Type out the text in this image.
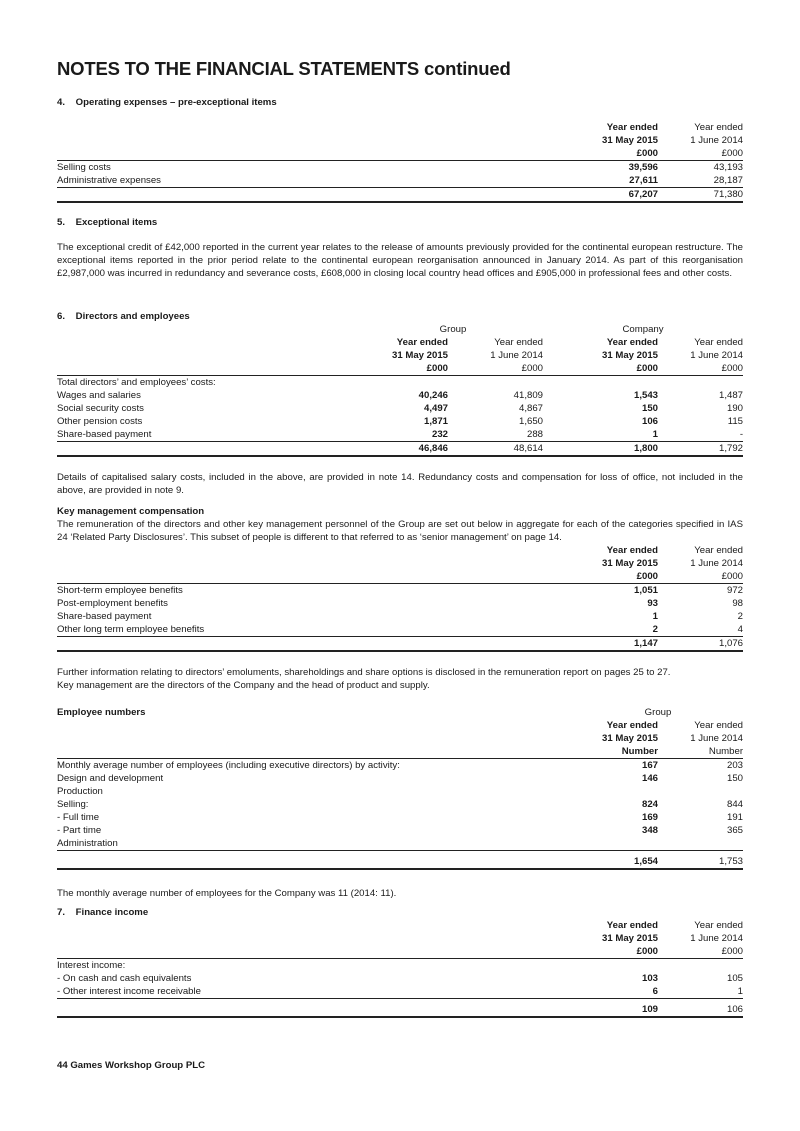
NOTES TO THE FINANCIAL STATEMENTS continued
4.    Operating expenses – pre-exceptional items
	Year ended	Year ended
	31 May 2015	1 June 2014
	£000	£000
Selling costs	39,596	43,193
Administrative expenses	27,611	28,187
	67,207	71,380
5.    Exceptional items

The exceptional credit of £42,000 reported in the current year relates to the release of amounts previously provided for the continental european restructure. The exceptional items reported in the prior period relate to the continental european reorganisation announced in January 2014. As part of this reorganisation £2,987,000 was incurred in redundancy and severance costs, £608,000 in closing local country head offices and £905,000 in professional fees and other costs.

6.    Directors and employees
	Group		Company	
	Year ended	Year ended	Year ended	Year ended
	31 May 2015	1 June 2014	31 May 2015	1 June 2014
	£000	£000	£000	£000
Total directors’ and employees’ costs:				
Wages and salaries	40,246	41,809	1,543	1,487
Social security costs	4,497	4,867	150	190
Other pension costs	1,871	1,650	106	115
Share-based payment	232	288	1	-
	46,846	48,614	1,800	1,792

Details of capitalised salary costs, included in the above, are provided in note 14. Redundancy costs and compensation for loss of office, not included in the above, are provided in note 9.

Key management compensation

The remuneration of the directors and other key management personnel of the Group are set out below in aggregate for each of the categories specified in IAS 24 ‘Related Party Disclosures’. This subset of people is different to that referred to as ‘senior management’ on page 14.

	Year ended	Year ended
	31 May 2015	1 June 2014
	£000	£000
Short-term employee benefits	1,051	972
Post-employment benefits	93	98
Share-based payment	1	2
Other long term employee benefits	2	4
	1,147	1,076

Further information relating to directors’ emoluments, shareholdings and share options is disclosed in the remuneration report on pages 25 to 27.

Key management are the directors of the Company and the head of product and supply.

Employee numbers	Group	
	Year ended	Year ended
	31 May 2015	1 June 2014
	Number	Number
Monthly average number of employees (including executive directors) by activity:	167	203
Design and development	146	150
Production		
Selling:	824	844
- Full time	169	191
- Part time	348	365
Administration		

	1,654	1,753

The monthly average number of employees for the Company was 11 (2014: 11).

7.    Finance income
	Year ended	Year ended
	31 May 2015	1 June 2014
	£000	£000
Interest income:		
- On cash and cash equivalents	103	105
- Other interest income receivable	6	1

	109	106
44 Games Workshop Group PLC
